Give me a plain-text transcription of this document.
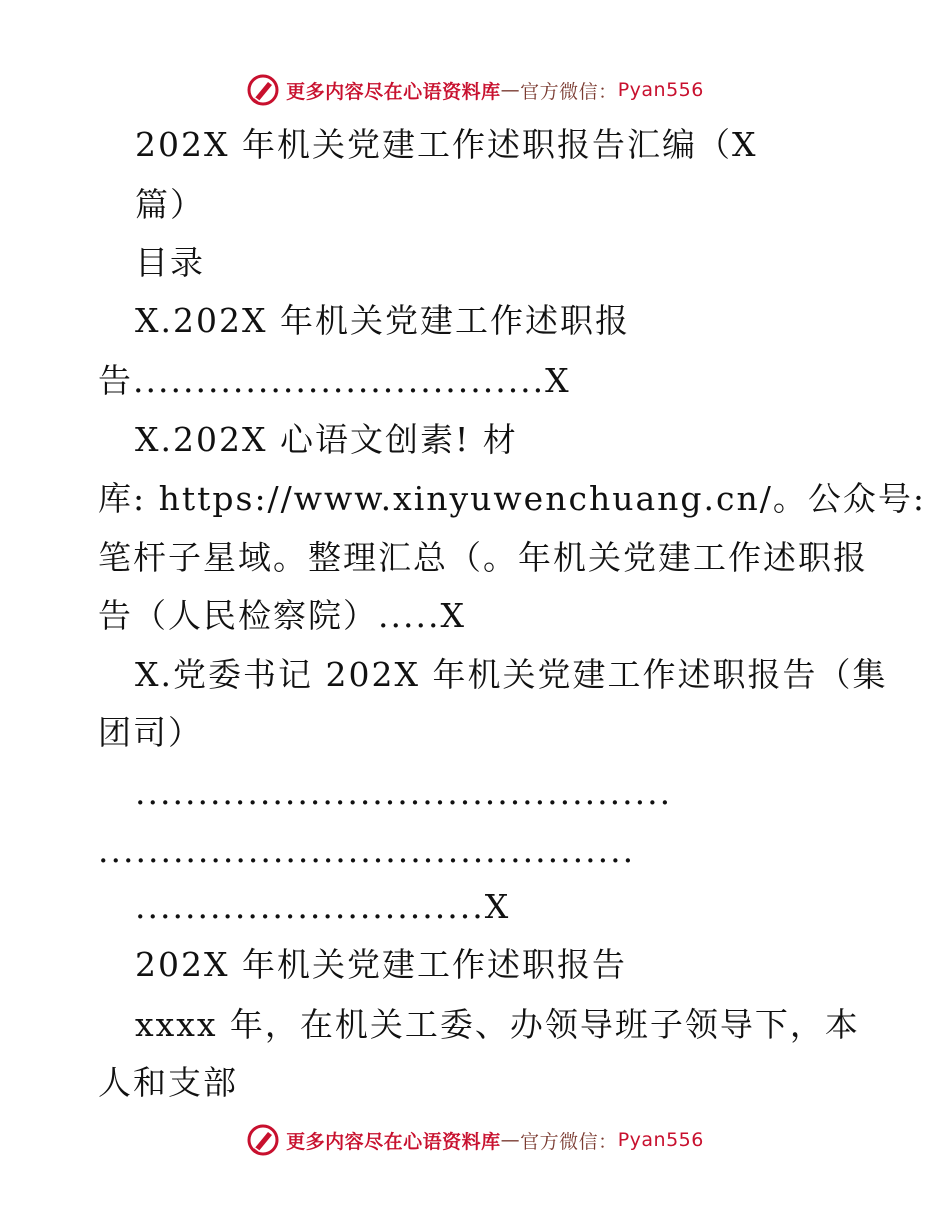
更多内容尽在心语资料库 — 官方微信： Pyan556
202X 年机关党建工作述职报告汇编（X
篇）
目录
X.202X 年机关党建工作述职报
告.................................X
X.202X 心语文创素! 材
库: https://www.xinyuwenchuang.cn/。公众号:
笔杆子星域。整理汇总（。年机关党建工作述职报
告（人民检察院）.....X
X.党委书记 202X 年机关党建工作述职报告（集
团司）
...........................................
...........................................
............................X
202X 年机关党建工作述职报告
xxxx 年，在机关工委、办领导班子领导下，本
人和支部
更多内容尽在心语资料库 — 官方微信： Pyan556
